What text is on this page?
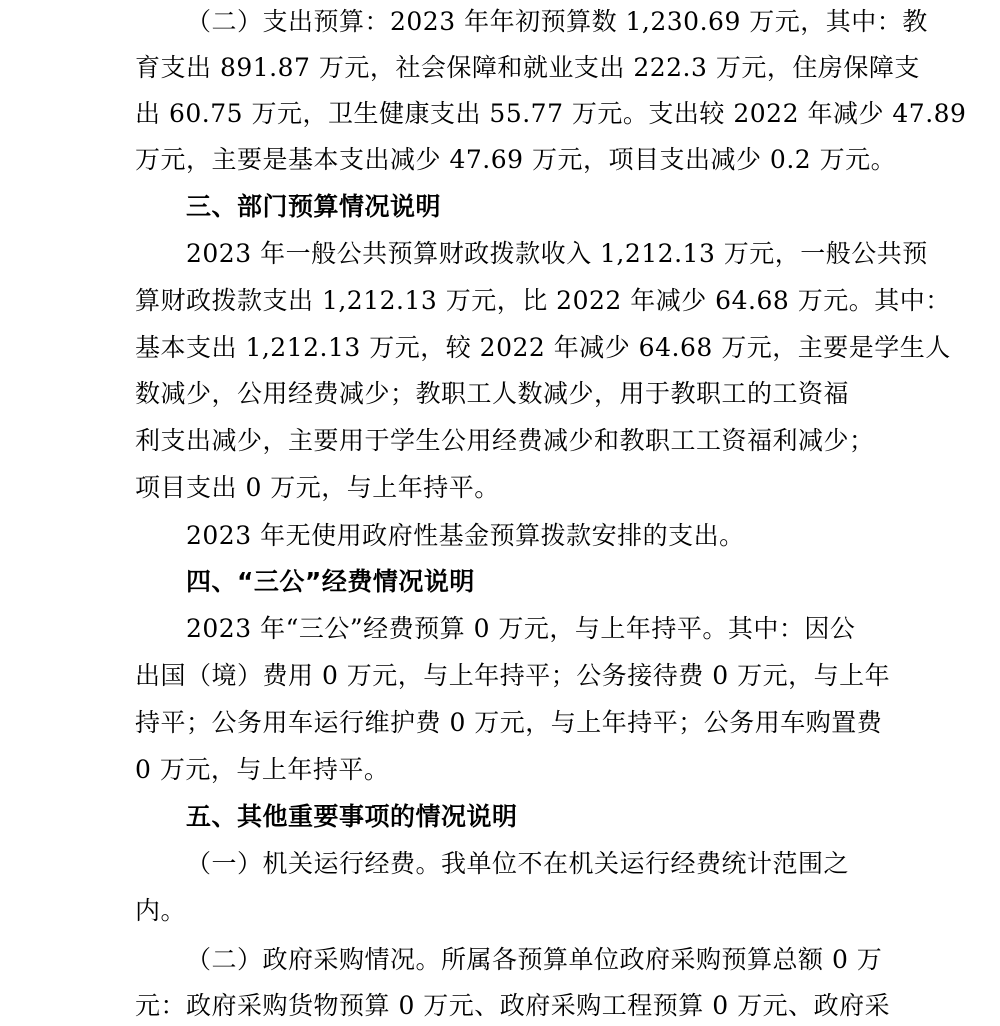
（二）支出预算：2023 年年初预算数 1,230.69 万元，其中：教
育支出 891.87 万元，社会保障和就业支出 222.3 万元，住房保障支
出 60.75 万元，卫生健康支出 55.77 万元。支出较 2022 年减少 47.89
万元，主要是基本支出减少 47.69 万元，项目支出减少 0.2 万元。
三、部门预算情况说明
2023 年一般公共预算财政拨款收入 1,212.13 万元，一般公共预
算财政拨款支出 1,212.13 万元，比 2022 年减少 64.68 万元。其中：
基本支出 1,212.13 万元，较 2022 年减少 64.68 万元，主要是学生人
数减少，公用经费减少；教职工人数减少，用于教职工的工资福
利支出减少，主要用于学生公用经费减少和教职工工资福利减少；
项目支出 0 万元，与上年持平。
2023 年无使用政府性基金预算拨款安排的支出。
四、“三公”经费情况说明
2023 年“三公”经费预算 0 万元，与上年持平。其中：因公
出国（境）费用 0 万元，与上年持平；公务接待费 0 万元，与上年
持平；公务用车运行维护费 0 万元，与上年持平；公务用车购置费
0 万元，与上年持平。
五、其他重要事项的情况说明
（一）机关运行经费。我单位不在机关运行经费统计范围之
内。
（二）政府采购情况。所属各预算单位政府采购预算总额 0 万
元：政府采购货物预算 0 万元、政府采购工程预算 0 万元、政府采
